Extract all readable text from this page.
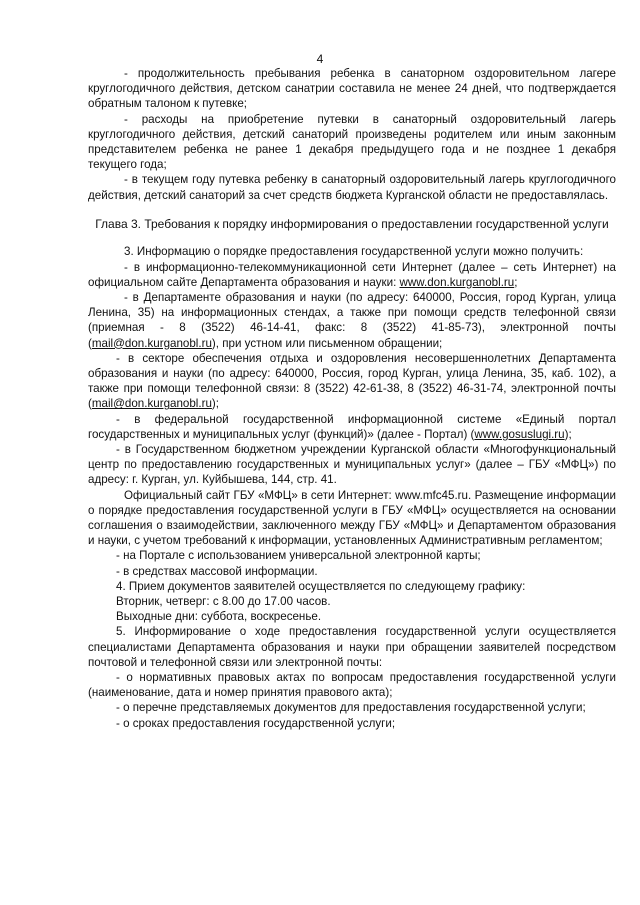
4

- продолжительность пребывания ребенка в санаторном оздоровительном лагере круглогодичного действия, детском санатрии составила не менее 24 дней, что подтверждается обратным талоном к путевке;

- расходы на приобретение путевки в санаторный оздоровительный лагерь круглогодичного действия, детский санаторий произведены родителем или иным законным представителем ребенка не ранее 1 декабря предыдущего года и не позднее 1 декабря текущего года;

- в текущем году путевка ребенку в санаторный оздоровительный лагерь круглогодичного действия, детский санаторий за счет средств бюджета Курганской области не предоставлялась.

Глава 3. Требования к порядку информирования о предоставлении государственной услуги

3. Информацию о порядке предоставления государственной услуги можно получить:

- в информационно-телекоммуникационной сети Интернет (далее – сеть Интернет) на официальном сайте Департамента образования и науки: www.don.kurganobl.ru;

- в Департаменте образования и науки (по адресу: 640000, Россия, город Курган, улица Ленина, 35) на информационных стендах, а также при помощи средств телефонной связи (приемная - 8 (3522) 46-14-41, факс: 8 (3522) 41-85-73), электронной почты (mail@don.kurganobl.ru), при устном или письменном обращении;

- в секторе обеспечения отдыха и оздоровления несовершеннолетних Департамента образования и науки (по адресу: 640000, Россия, город Курган, улица Ленина, 35, каб. 102), а также при помощи телефонной связи: 8 (3522) 42-61-38, 8 (3522) 46-31-74, электронной почты (mail@don.kurganobl.ru);

- в федеральной государственной информационной системе «Единый портал государственных и муниципальных услуг (функций)» (далее - Портал) (www.gosuslugi.ru);

- в Государственном бюджетном учреждении Курганской области «Многофункциональный центр по предоставлению государственных и муниципальных услуг» (далее – ГБУ «МФЦ») по адресу: г. Курган, ул. Куйбышева, 144, стр. 41.

Официальный сайт ГБУ «МФЦ» в сети Интернет: www.mfc45.ru. Размещение информации о порядке предоставления государственной услуги в ГБУ «МФЦ» осуществляется на основании соглашения о взаимодействии, заключенного между ГБУ «МФЦ» и Департаментом образования и науки, с учетом требований к информации, установленных Административным регламентом;

- на Портале с использованием универсальной электронной карты;

- в средствах массовой информации.

4. Прием документов заявителей осуществляется по следующему графику:

Вторник, четверг: с 8.00 до 17.00 часов.

Выходные дни: суббота, воскресенье.

5. Информирование о ходе предоставления государственной услуги осуществляется специалистами Департамента образования и науки при обращении заявителей посредством почтовой и телефонной связи или электронной почты:

- о нормативных правовых актах по вопросам предоставления государственной услуги (наименование, дата и номер принятия правового акта);

- о перечне представляемых документов для предоставления государственной услуги;

- о сроках предоставления государственной услуги;
